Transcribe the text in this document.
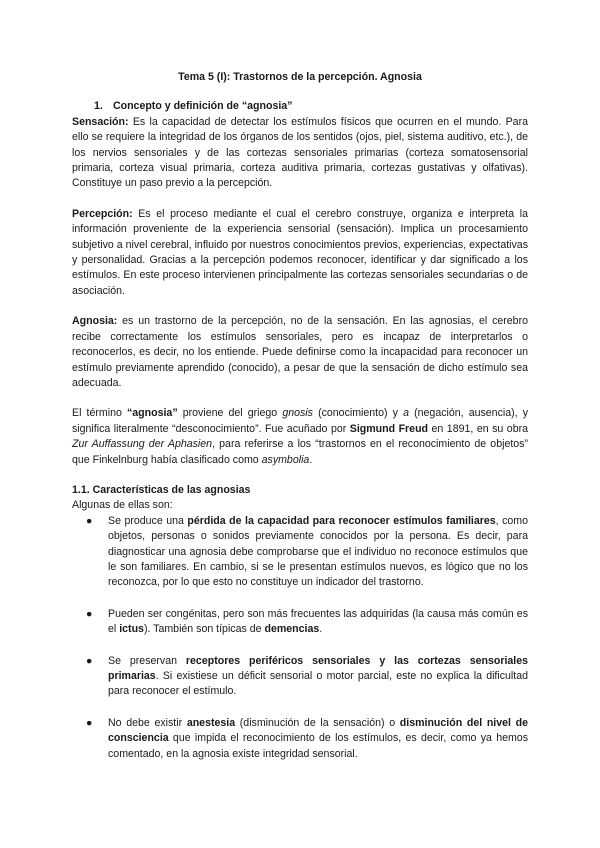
Tema 5 (I): Trastornos de la percepción. Agnosia
1. Concepto y definición de “agnosia”

Sensación: Es la capacidad de detectar los estímulos físicos que ocurren en el mundo. Para ello se requiere la integridad de los órganos de los sentidos (ojos, piel, sistema auditivo, etc.), de los nervios sensoriales y de las cortezas sensoriales primarias (corteza somatosensorial primaria, corteza visual primaria, corteza auditiva primaria, cortezas gustativas y olfativas). Constituye un paso previo a la percepción.

Percepción: Es el proceso mediante el cual el cerebro construye, organiza e interpreta la información proveniente de la experiencia sensorial (sensación). Implica un procesamiento subjetivo a nivel cerebral, influido por nuestros conocimientos previos, experiencias, expectativas y personalidad. Gracias a la percepción podemos reconocer, identificar y dar significado a los estímulos. En este proceso intervienen principalmente las cortezas sensoriales secundarias o de asociación.

Agnosia: es un trastorno de la percepción, no de la sensación. En las agnosias, el cerebro recibe correctamente los estímulos sensoriales, pero es incapaz de interpretarlos o reconocerlos, es decir, no los entiende. Puede definirse como la incapacidad para reconocer un estímulo previamente aprendido (conocido), a pesar de que la sensación de dicho estímulo sea adecuada.

El término “agnosia” proviene del griego gnosis (conocimiento) y a (negación, ausencia), y significa literalmente “desconocimiento”. Fue acuñado por Sigmund Freud en 1891, en su obra Zur Auffassung der Aphasien, para referirse a los “trastornos en el reconocimiento de objetos” que Finkelnburg había clasificado como asymbolia.

1.1. Características de las agnosias
Algunas de ellas son:
● Se produce una pérdida de la capacidad para reconocer estímulos familiares, como objetos, personas o sonidos previamente conocidos por la persona. Es decir, para diagnosticar una agnosia debe comprobarse que el individuo no reconoce estímulos que le son familiares. En cambio, si se le presentan estímulos nuevos, es lógico que no los reconozca, por lo que esto no constituye un indicador del trastorno.
● Pueden ser congénitas, pero son más frecuentes las adquiridas (la causa más común es el ictus). También son típicas de demencias.
● Se preservan receptores periféricos sensoriales y las cortezas sensoriales primarias. Si existiese un déficit sensorial o motor parcial, este no explica la dificultad para reconocer el estímulo.
● No debe existir anestesia (disminución de la sensación) o disminución del nivel de consciencia que impida el reconocimiento de los estímulos, es decir, como ya hemos comentado, en la agnosia existe integridad sensorial.
